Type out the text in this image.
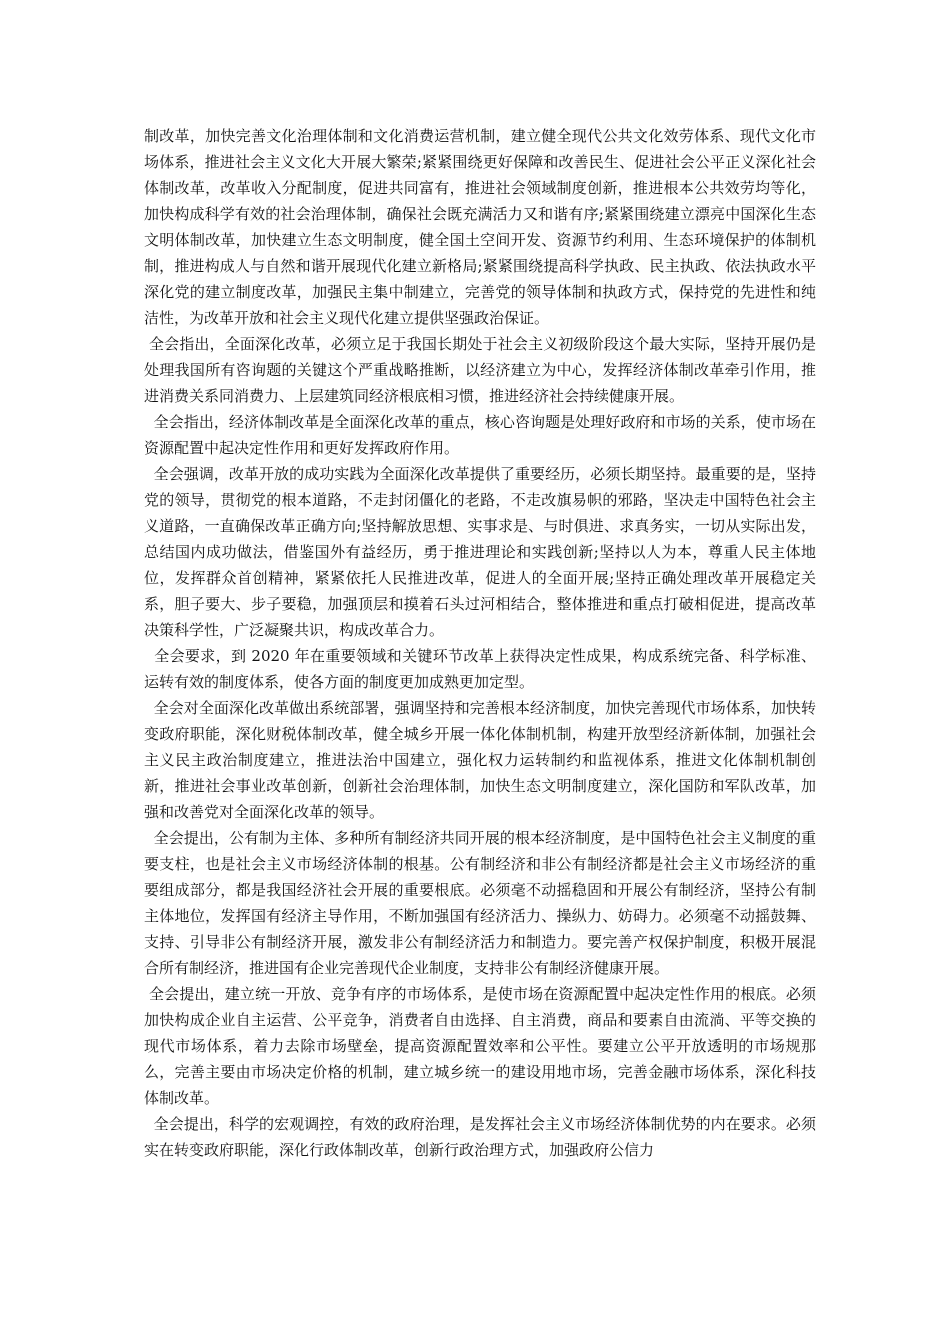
制改革，加快完善文化治理体制和文化消费运营机制，建立健全现代公共文化效劳体系、现代文化市场体系，推进社会主义文化大开展大繁荣;紧紧围绕更好保障和改善民生、促进社会公平正义深化社会体制改革，改革收入分配制度，促进共同富有，推进社会领域制度创新，推进根本公共效劳均等化，加快构成科学有效的社会治理体制，确保社会既充满活力又和谐有序;紧紧围绕建立漂亮中国深化生态文明体制改革，加快建立生态文明制度，健全国土空间开发、资源节约利用、生态环境保护的体制机制，推进构成人与自然和谐开展现代化建立新格局;紧紧围绕提高科学执政、民主执政、依法执政水平深化党的建立制度改革，加强民主集中制建立，完善党的领导体制和执政方式，保持党的先进性和纯洁性，为改革开放和社会主义现代化建立提供坚强政治保证。

全会指出，全面深化改革，必须立足于我国长期处于社会主义初级阶段这个最大实际，坚持开展仍是处理我国所有咨询题的关键这个严重战略推断，以经济建立为中心，发挥经济体制改革牵引作用，推进消费关系同消费力、上层建筑同经济根底相习惯，推进经济社会持续健康开展。

全会指出，经济体制改革是全面深化改革的重点，核心咨询题是处理好政府和市场的关系，使市场在资源配置中起决定性作用和更好发挥政府作用。

全会强调，改革开放的成功实践为全面深化改革提供了重要经历，必须长期坚持。最重要的是，坚持党的领导，贯彻党的根本道路，不走封闭僵化的老路，不走改旗易帜的邪路，坚决走中国特色社会主义道路，一直确保改革正确方向;坚持解放思想、实事求是、与时俱进、求真务实，一切从实际出发，总结国内成功做法，借鉴国外有益经历，勇于推进理论和实践创新;坚持以人为本，尊重人民主体地位，发挥群众首创精神，紧紧依托人民推进改革，促进人的全面开展;坚持正确处理改革开展稳定关系，胆子要大、步子要稳，加强顶层和摸着石头过河相结合，整体推进和重点打破相促进，提高改革决策科学性，广泛凝聚共识，构成改革合力。

全会要求，到 2020 年在重要领域和关键环节改革上获得决定性成果，构成系统完备、科学标准、运转有效的制度体系，使各方面的制度更加成熟更加定型。

全会对全面深化改革做出系统部署，强调坚持和完善根本经济制度，加快完善现代市场体系，加快转变政府职能，深化财税体制改革，健全城乡开展一体化体制机制，构建开放型经济新体制，加强社会主义民主政治制度建立，推进法治中国建立，强化权力运转制约和监视体系，推进文化体制机制创新，推进社会事业改革创新，创新社会治理体制，加快生态文明制度建立，深化国防和军队改革，加强和改善党对全面深化改革的领导。

全会提出，公有制为主体、多种所有制经济共同开展的根本经济制度，是中国特色社会主义制度的重要支柱，也是社会主义市场经济体制的根基。公有制经济和非公有制经济都是社会主义市场经济的重要组成部分，都是我国经济社会开展的重要根底。必须毫不动摇稳固和开展公有制经济，坚持公有制主体地位，发挥国有经济主导作用，不断加强国有经济活力、操纵力、妨碍力。必须毫不动摇鼓舞、支持、引导非公有制经济开展，激发非公有制经济活力和制造力。要完善产权保护制度，积极开展混合所有制经济，推进国有企业完善现代企业制度，支持非公有制经济健康开展。

全会提出，建立统一开放、竞争有序的市场体系，是使市场在资源配置中起决定性作用的根底。必须加快构成企业自主运营、公平竞争，消费者自由选择、自主消费，商品和要素自由流淌、平等交换的现代市场体系，着力去除市场壁垒，提高资源配置效率和公平性。要建立公平开放透明的市场规那么，完善主要由市场决定价格的机制，建立城乡统一的建设用地市场，完善金融市场体系，深化科技体制改革。

全会提出，科学的宏观调控，有效的政府治理，是发挥社会主义市场经济体制优势的内在要求。必须实在转变政府职能，深化行政体制改革，创新行政治理方式，加强政府公信力
